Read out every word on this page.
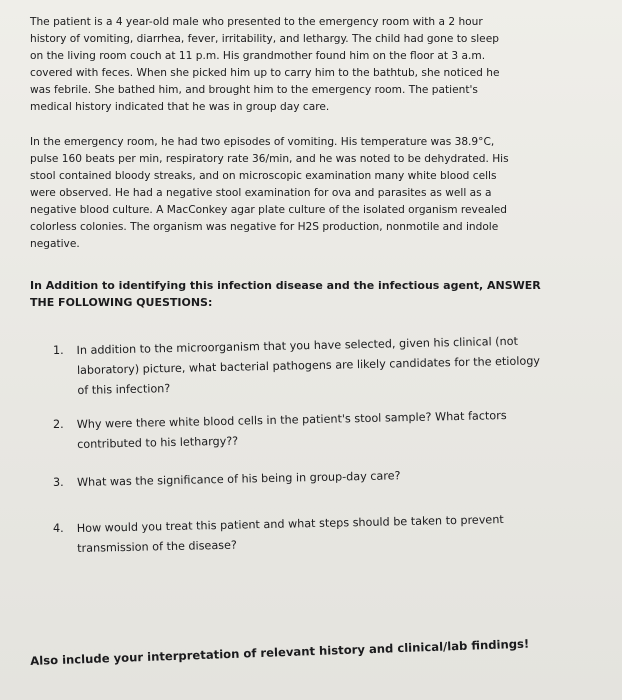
The patient is a 4 year-old male who presented to the emergency room with a 2 hour

history of vomiting, diarrhea, fever, irritability, and lethargy. The child had gone to sleep

on the living room couch at 11 p.m. His grandmother found him on the floor at 3 a.m.

covered with feces. When she picked him up to carry him to the bathtub, she noticed he

was febrile. She bathed him, and brought him to the emergency room. The patient's

medical history indicated that he was in group day care.

In the emergency room, he had two episodes of vomiting. His temperature was 38.9°C,

pulse 160 beats per min, respiratory rate 36/min, and he was noted to be dehydrated. His

stool contained bloody streaks, and on microscopic examination many white blood cells

were observed. He had a negative stool examination for ova and parasites as well as a

negative blood culture. A MacConkey agar plate culture of the isolated organism revealed

colorless colonies. The organism was negative for H2S production, nonmotile and indole

negative.

In Addition to identifying this infection disease and the infectious agent, ANSWER

THE FOLLOWING QUESTIONS:

1. In addition to the microorganism that you have selected, given his clinical (not

laboratory) picture, what bacterial pathogens are likely candidates for the etiology

of this infection?

2. Why were there white blood cells in the patient's stool sample? What factors

contributed to his lethargy??

3. What was the significance of his being in group-day care?

4. How would you treat this patient and what steps should be taken to prevent

transmission of the disease?

Also include your interpretation of relevant history and clinical/lab findings!
